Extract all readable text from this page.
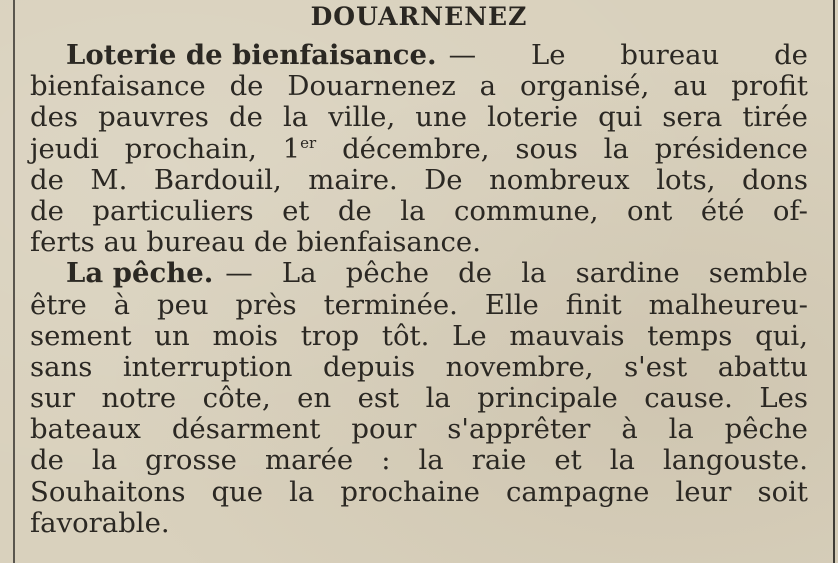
DOUARNENEZ
Loterie de bienfaisance. — Le bureau de
bienfaisance de Douarnenez a organisé, au profit
des pauvres de la ville, une loterie qui sera tirée
jeudi prochain, 1er décembre, sous la présidence
de M. Bardouil, maire. De nombreux lots, dons
de particuliers et de la commune, ont été of-
ferts au bureau de bienfaisance.
La pêche. — La pêche de la sardine semble
être à peu près terminée. Elle finit malheureu-
sement un mois trop tôt. Le mauvais temps qui,
sans interruption depuis novembre, s'est abattu
sur notre côte, en est la principale cause. Les
bateaux désarment pour s'apprêter à la pêche
de la grosse marée : la raie et la langouste.
Souhaitons que la prochaine campagne leur soit
favorable.
